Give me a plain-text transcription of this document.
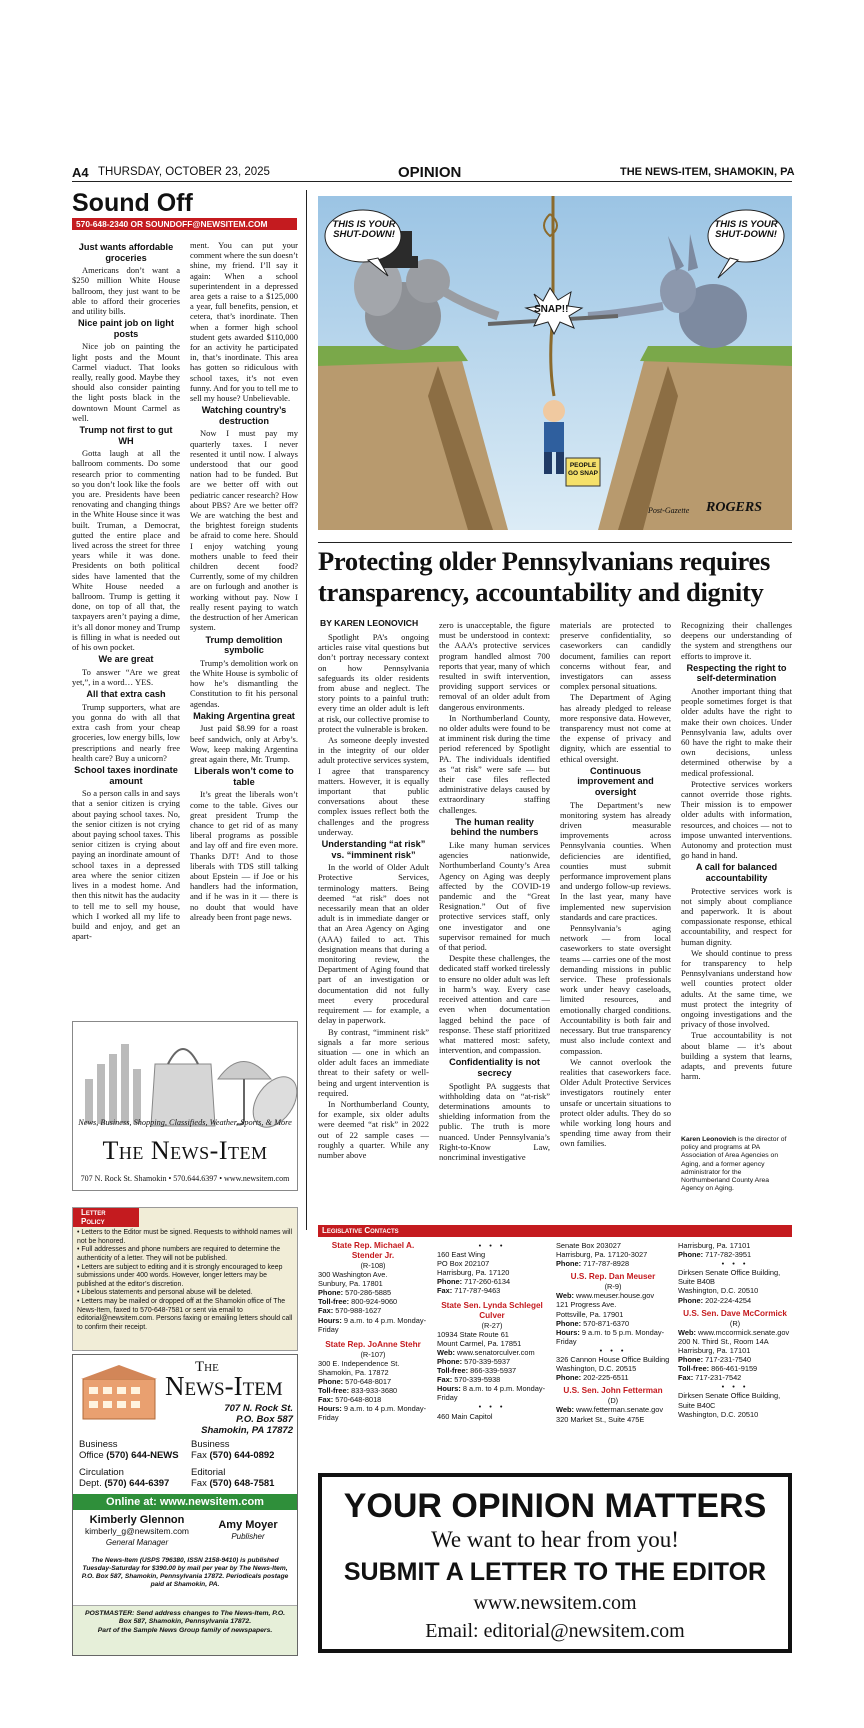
A4 THURSDAY, OCTOBER 23, 2025	OPINION	THE NEWS-ITEM, SHAMOKIN, PA
Sound Off
570-648-2340 OR SOUNDOFF@NEWSITEM.COM
Just wants affordable groceries

Americans don’t want a $250 million White House ballroom, they just want to be able to afford their groceries and utility bills.

Nice paint job on light posts

Nice job on painting the light posts and the Mount Carmel viaduct. That looks really, really good. Maybe they should also consider painting the light posts black in the downtown Mount Carmel as well.

Trump not first to gut WH

Gotta laugh at all the ballroom comments. Do some research prior to commenting so you don’t look like the fools you are. Presidents have been renovating and changing things in the White House since it was built. Truman, a Democrat, gutted the entire place and lived across the street for three years while it was done. Presidents on both political sides have lamented that the White House needed a ballroom. Trump is getting it done, on top of all that, the taxpayers aren’t paying a dime, it’s all donor money and Trump is filling in what is needed out of his own pocket.

We are great

To answer “Are we great yet,”, in a word… YES.

All that extra cash

Trump supporters, what are you gonna do with all that extra cash from your cheap groceries, low energy bills, low prescriptions and nearly free health care? Buy a unicorn?

School taxes inordinate amount

So a person calls in and says that a senior citizen is crying about paying school taxes. No, the senior citizen is not crying about paying school taxes. This senior citizen is crying about paying an inordinate amount of school taxes in a depressed area where the senior citizen lives in a modest home. And then this nitwit has the audacity to tell me to sell my house, which I worked all my life to build and enjoy, and get an apart-

ment. You can put your comment where the sun doesn’t shine, my friend. I’ll say it again: When a school superintendent in a depressed area gets a raise to a $125,000 a year, full benefits, pension, et cetera, that’s inordinate. Then when a former high school student gets awarded $110,000 for an activity he participated in, that’s inordinate. This area has gotten so ridiculous with school taxes, it’s not even funny. And for you to tell me to sell my house? Unbelievable.

Watching country’s destruction

Now I must pay my quarterly taxes. I never resented it until now. I always understood that our good nation had to be funded. But are we better off with out pediatric cancer research? How about PBS? Are we better off? We are watching the best and the brightest foreign students be afraid to come here. Should I enjoy watching young mothers unable to feed their children decent food? Currently, some of my children are on furlough and another is working without pay. Now I really resent paying to watch the destruction of her American system.

Trump demolition symbolic

Trump’s demolition work on the White House is symbolic of how he’s dismantling the Constitution to fit his personal agendas.

Making Argentina great

Just paid $8.99 for a roast beef sandwich, only at Arby’s. Wow, keep making Argentina great again there, Mr. Trump.

Liberals won’t come to table

It’s great the liberals won’t come to the table. Gives our great president Trump the chance to get rid of as many liberal programs as possible and lay off and fire even more. Thanks DJT! And to those liberals with TDS still talking about Epstein — if Joe or his handlers had the information, and if he was in it — there is no doubt that would have already been front page news.

News, Business, Shopping, Classifieds, Weather, Sports, & More
The News-Item
707 N. Rock St. Shamokin • 570.644.6397 • www.newsitem.com
Letter Policy
• Letters to the Editor must be signed. Requests to withhold names will not be honored.
• Full addresses and phone numbers are required to determine the authenticity of a letter. They will not be published.
• Letters are subject to editing and it is strongly encouraged to keep submissions under 400 words. However, longer letters may be published at the editor’s discretion.
• Libelous statements and personal abuse will be deleted.
• Letters may be mailed or dropped off at the Shamokin office of The News-Item, faxed to 570-648-7581 or sent via email to editorial@newsitem.com. Persons faxing or emailing letters should call to confirm their receipt.
The
News-Item
707 N. Rock St.
P.O. Box 587
Shamokin, PA 17872
Business
Office (570) 644-NEWS
Business
Fax (570) 644-0892
Circulation
Dept. (570) 644-6397
Editorial
Fax (570) 648-7581
Online at: www.newsitem.com
Kimberly Glennon
kimberly_g@newsitem.com
General Manager
Amy Moyer
Publisher
The News-Item (USPS 796380, ISSN 2158-9410) is published Tuesday-Saturday for $390.00 by mail per year by The News-Item, P.O. Box 587, Shamokin, Pennsylvania 17872. Periodicals postage paid at Shamokin, PA.
POSTMASTER: Send address changes to The News-Item, P.O. Box 587, Shamokin, Pennsylvania 17872.
Part of the Sample News Group family of newspapers.
THIS IS YOUR SHUT-DOWN!
THIS IS YOUR SHUT-DOWN!
SNAP!!
PEOPLE GO SNAP
Post-Gazette ROGERS
Protecting older Pennsylvanians requires transparency, accountability and dignity
BY KAREN LEONOVICH

Spotlight PA’s ongoing articles raise vital questions but don’t portray necessary context on how Pennsylvania safeguards its older residents from abuse and neglect. The story points to a painful truth: every time an older adult is left at risk, our collective promise to protect the vulnerable is broken.

As someone deeply invested in the integrity of our older adult protective services system, I agree that transparency matters. However, it is equally important that public conversations about these complex issues reflect both the challenges and the progress underway.

Understanding “at risk” vs. “imminent risk”

In the world of Older Adult Protective Services, terminology matters. Being deemed “at risk” does not necessarily mean that an older adult is in immediate danger or that an Area Agency on Aging (AAA) failed to act. This designation means that during a monitoring review, the Department of Aging found that part of an investigation or documentation did not fully meet every procedural requirement — for example, a delay in paperwork.

By contrast, “imminent risk” signals a far more serious situation — one in which an older adult faces an immediate threat to their safety or well-being and urgent intervention is required.

In Northumberland County, for example, six older adults were deemed “at risk” in 2022 out of 22 sample cases — roughly a quarter. While any number above

zero is unacceptable, the figure must be understood in context: the AAA’s protective services program handled almost 700 reports that year, many of which resulted in swift intervention, providing support services or removal of an older adult from dangerous environments.

In Northumberland County, no older adults were found to be at imminent risk during the time period referenced by Spotlight PA. The individuals identified as “at risk” were safe — but their case files reflected administrative delays caused by extraordinary staffing challenges.

The human reality behind the numbers

Like many human services agencies nationwide, Northumberland County’s Area Agency on Aging was deeply affected by the COVID-19 pandemic and the “Great Resignation.” Out of five protective services staff, only one investigator and one supervisor remained for much of that period.

Despite these challenges, the dedicated staff worked tirelessly to ensure no older adult was left in harm’s way. Every case received attention and care — even when documentation lagged behind the pace of response. These staff prioritized what mattered most: safety, intervention, and compassion.

Confidentiality is not secrecy

Spotlight PA suggests that withholding data on “at-risk” determinations amounts to shielding information from the public. The truth is more nuanced. Under Pennsylvania’s Right-to-Know Law, noncriminal investigative

materials are protected to preserve confidentiality, so caseworkers can candidly document, families can report concerns without fear, and investigators can assess complex personal situations.

The Department of Aging has already pledged to release more responsive data. However, transparency must not come at the expense of privacy and dignity, which are essential to ethical oversight.

Continuous improvement and oversight

The Department’s new monitoring system has already driven measurable improvements across Pennsylvania counties. When deficiencies are identified, counties must submit performance improvement plans and undergo follow-up reviews. In the last year, many have implemented new supervision standards and care practices.

Pennsylvania’s aging network — from local caseworkers to state oversight teams — carries one of the most demanding missions in public service. These professionals work under heavy caseloads, limited resources, and emotionally charged conditions. Accountability is both fair and necessary. But true transparency must also include context and compassion.

We cannot overlook the realities that caseworkers face. Older Adult Protective Services investigators routinely enter unsafe or uncertain situations to protect older adults. They do so while working long hours and spending time away from their own families.

Recognizing their challenges deepens our understanding of the system and strengthens our efforts to improve it.

Respecting the right to self-determination

Another important thing that people sometimes forget is that older adults have the right to make their own choices. Under Pennsylvania law, adults over 60 have the right to make their own decisions, unless determined otherwise by a medical professional.

Protective services workers cannot override those rights. Their mission is to empower older adults with information, resources, and choices — not to impose unwanted interventions. Autonomy and protection must go hand in hand.

A call for balanced accountability

Protective services work is not simply about compliance and paperwork. It is about compassionate response, ethical accountability, and respect for human dignity.

We should continue to press for transparency to help Pennsylvanians understand how well counties protect older adults. At the same time, we must protect the integrity of ongoing investigations and the privacy of those involved.

True accountability is not about blame — it’s about building a system that learns, adapts, and prevents future harm.

Karen Leonovich is the director of policy and programs at PA Association of Area Agencies on Aging, and a former agency administrator for the Northumberland County Area Agency on Aging.
Legislative Contacts
State Rep. Michael A. Stender Jr.
(R-108)
300 Washington Ave.
Sunbury, Pa. 17801
Phone: 570-286-5885
Toll-free: 800-924-9060
Fax: 570-988-1627
Hours: 9 a.m. to 4 p.m. Monday-Friday
State Rep. JoAnne Stehr
(R-107)
300 E. Independence St.
Shamokin, Pa. 17872
Phone: 570-648-8017
Toll-free: 833-933-3680
Fax: 570-648-8018
Hours: 9 a.m. to 4 p.m. Monday-Friday
• • •
160 East Wing
PO Box 202107
Harrisburg, Pa. 17120
Phone: 717-260-6134
Fax: 717-787-9463
State Sen. Lynda Schlegel Culver
(R-27)
10934 State Route 61
Mount Carmel, Pa. 17851
Web: www.senatorculver.com
Phone: 570-339-5937
Toll-free: 866-339-5937
Fax: 570-339-5938
Hours: 8 a.m. to 4 p.m. Monday-Friday
• • •
460 Main Capitol
Senate Box 203027
Harrisburg, Pa. 17120-3027
Phone: 717-787-8928
U.S. Rep. Dan Meuser
(R-9)
Web: www.meuser.house.gov
121 Progress Ave.
Pottsville, Pa. 17901
Phone: 570-871-6370
Hours: 9 a.m. to 5 p.m. Monday-Friday
• • •
326 Cannon House Office Building
Washington, D.C. 20515
Phone: 202-225-6511
U.S. Sen. John Fetterman
(D)
Web: www.fetterman.senate.gov
320 Market St., Suite 475E
Harrisburg, Pa. 17101
Phone: 717-782-3951
• • •
Dirksen Senate Office Building, Suite B40B
Washington, D.C. 20510
Phone: 202-224-4254
U.S. Sen. Dave McCormick
(R)
Web: www.mccormick.senate.gov
200 N. Third St., Room 14A
Harrisburg, Pa. 17101
Phone: 717-231-7540
Toll-free: 866-461-9159
Fax: 717-231-7542
• • •
Dirksen Senate Office Building, Suite B40C
Washington, D.C. 20510
YOUR OPINION MATTERS
We want to hear from you!
SUBMIT A LETTER TO THE EDITOR
www.newsitem.com
Email: editorial@newsitem.com
